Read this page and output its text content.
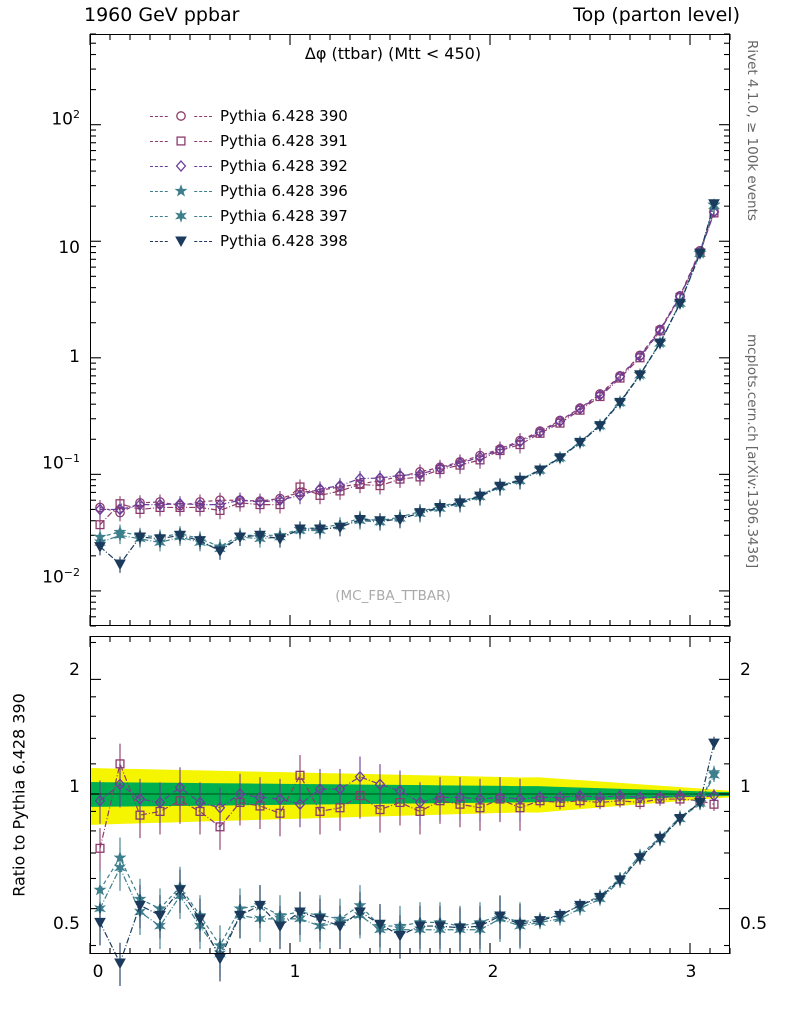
1960 GeV ppbar	Top (parton level)
Rivet 4.1.0, ≥ 100k events
mcplots.cern.ch [arXiv:1306.3436]
Δφ (ttbar) (Mtt < 450)
(MC_FBA_TTBAR)
Pythia 6.428 390
Pythia 6.428 391
Pythia 6.428 392
Pythia 6.428 396
Pythia 6.428 397
Pythia 6.428 398
$10^2$
10
1
$10^{-1}$
$10^{-2}$
Ratio to Pythia 6.428 390
2
1
0.5
2
1
0.5
0	1	2	3
